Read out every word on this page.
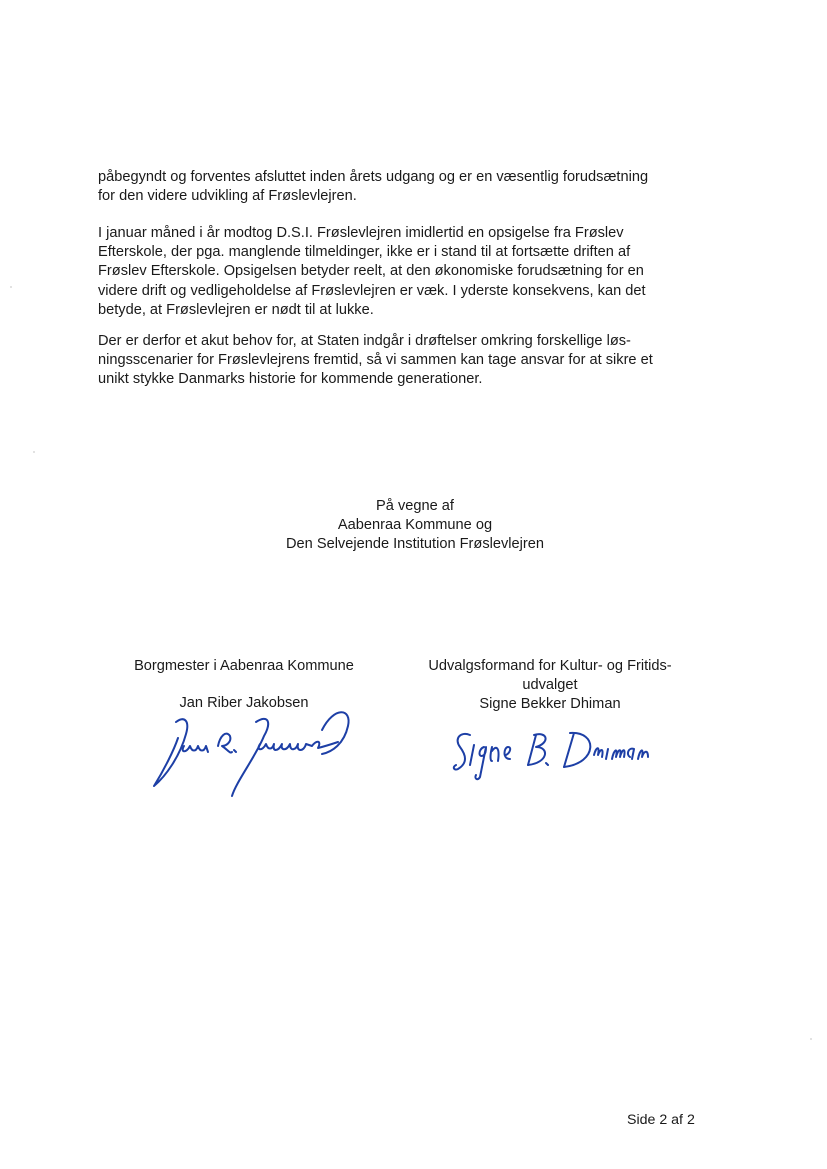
påbegyndt og forventes afsluttet inden årets udgang og er en væsentlig forudsætning
for den videre udvikling af Frøslevlejren.
I januar måned i år modtog D.S.I. Frøslevlejren imidlertid en opsigelse fra Frøslev
Efterskole, der pga. manglende tilmeldinger, ikke er i stand til at fortsætte driften af
Frøslev Efterskole. Opsigelsen betyder reelt, at den økonomiske forudsætning for en
videre drift og vedligeholdelse af Frøslevlejren er væk. I yderste konsekvens, kan det
betyde, at Frøslevlejren er nødt til at lukke.
Der er derfor et akut behov for, at Staten indgår i drøftelser omkring forskellige løs-
ningsscenarier for Frøslevlejrens fremtid, så vi sammen kan tage ansvar for at sikre et
unikt stykke Danmarks historie for kommende generationer.
På vegne af
Aabenraa Kommune og
Den Selvejende Institution Frøslevlejren
Borgmester i Aabenraa Kommune
Jan Riber Jakobsen
Udvalgsformand for Kultur- og Fritids-
udvalget
Signe Bekker Dhiman
Side 2 af 2
